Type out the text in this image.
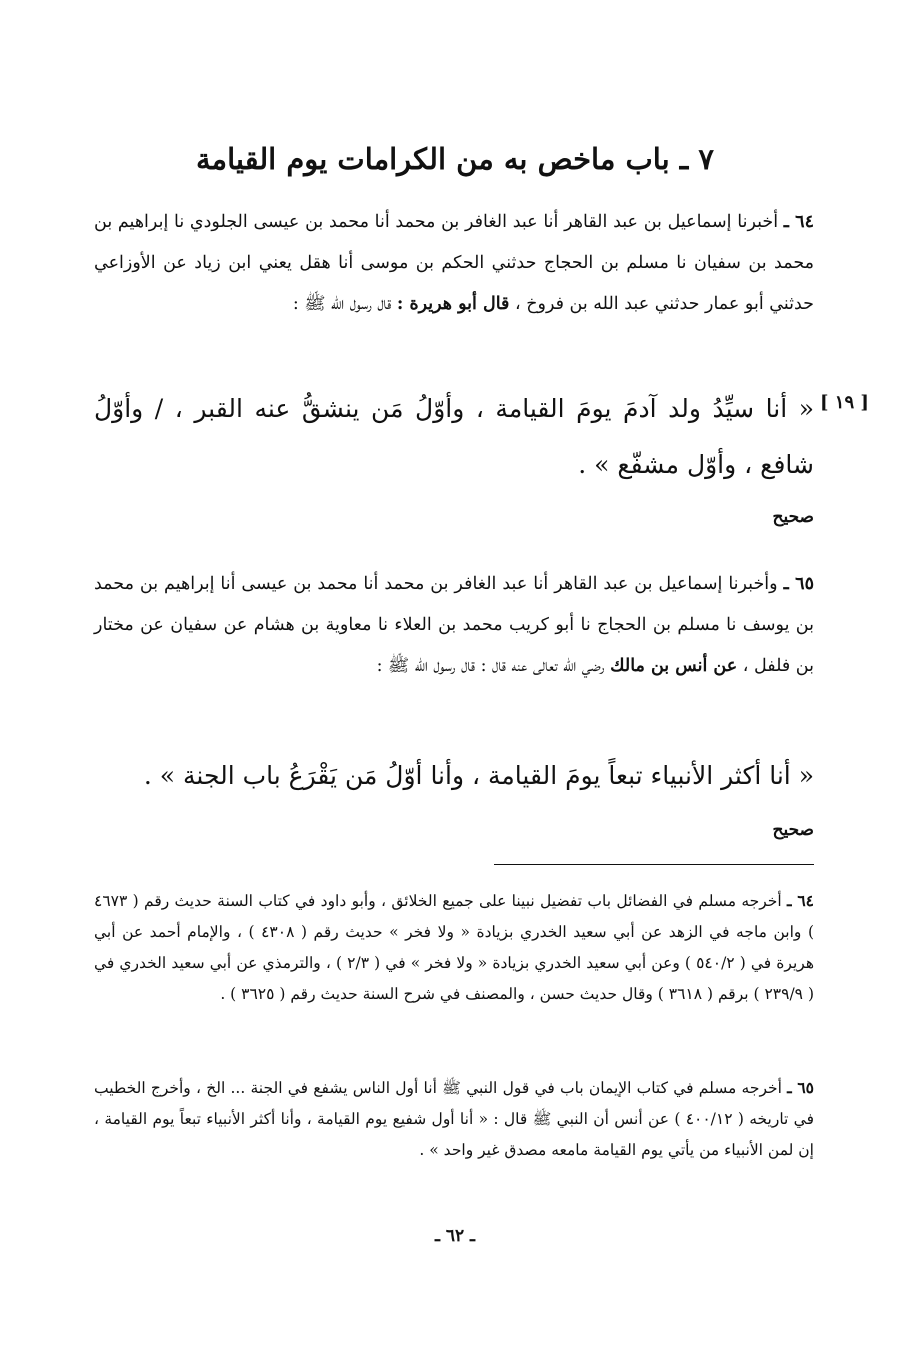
٧ ـ باب ماخص به من الكرامات يوم القيامة
٦٤ ـ أخبرنا إسماعيل بن عبد القاهر أنا عبد الغافر بن محمد أنا محمد بن عيسى الجلودي نا إبراهيم بن محمد بن سفيان نا مسلم بن الحجاج حدثني الحكم بن موسى أنا هقل يعني ابن زياد عن الأوزاعي حدثني أبو عمار حدثني عبد الله بن فروخ ، قال أبو هريرة : قال رسول الله ﷺ :
[ ١٩ ]
« أنا سيِّدُ ولد آدمَ يومَ القيامة ، وأوّلُ مَن ينشقُّ عنه القبر ، / وأوّلُ شافع ، وأوّل مشفّع » .
صحيح
٦٥ ـ وأخبرنا إسماعيل بن عبد القاهر أنا عبد الغافر بن محمد أنا محمد بن عيسى أنا إبراهيم بن محمد بن يوسف نا مسلم بن الحجاج نا أبو كريب محمد بن العلاء نا معاوية بن هشام عن سفيان عن مختار بن فلفل ، عن أنس بن مالك رضي الله تعالى عنه قال : قال رسول الله ﷺ :
« أنا أكثر الأنبياء تبعاً يومَ القيامة ، وأنا أوّلُ مَن يَقْرَعُ باب الجنة » .
صحيح
٦٤ ـ أخرجه مسلم في الفضائل باب تفضيل نبينا على جميع الخلائق ، وأبو داود في كتاب السنة حديث رقم ( ٤٦٧٣ ) وابن ماجه في الزهد عن أبي سعيد الخدري بزيادة « ولا فخر » حديث رقم ( ٤٣٠٨ ) ، والإمام أحمد عن أبي هريرة في ( ٥٤٠/٢ ) وعن أبي سعيد الخدري بزيادة « ولا فخر » في ( ٢/٣ ) ، والترمذي عن أبي سعيد الخدري في ( ٢٣٩/٩ ) برقم ( ٣٦١٨ ) وقال حديث حسن ، والمصنف في شرح السنة حديث رقم ( ٣٦٢٥ ) .
٦٥ ـ أخرجه مسلم في كتاب الإيمان باب في قول النبي ﷺ أنا أول الناس يشفع في الجنة ... الخ ، وأخرج الخطيب في تاريخه ( ٤٠٠/١٢ ) عن أنس أن النبي ﷺ قال : « أنا أول شفيع يوم القيامة ، وأنا أكثر الأنبياء تبعاً يوم القيامة ، إن لمن الأنبياء من يأتي يوم القيامة مامعه مصدق غير واحد » .
ـ ٦٢ ـ
